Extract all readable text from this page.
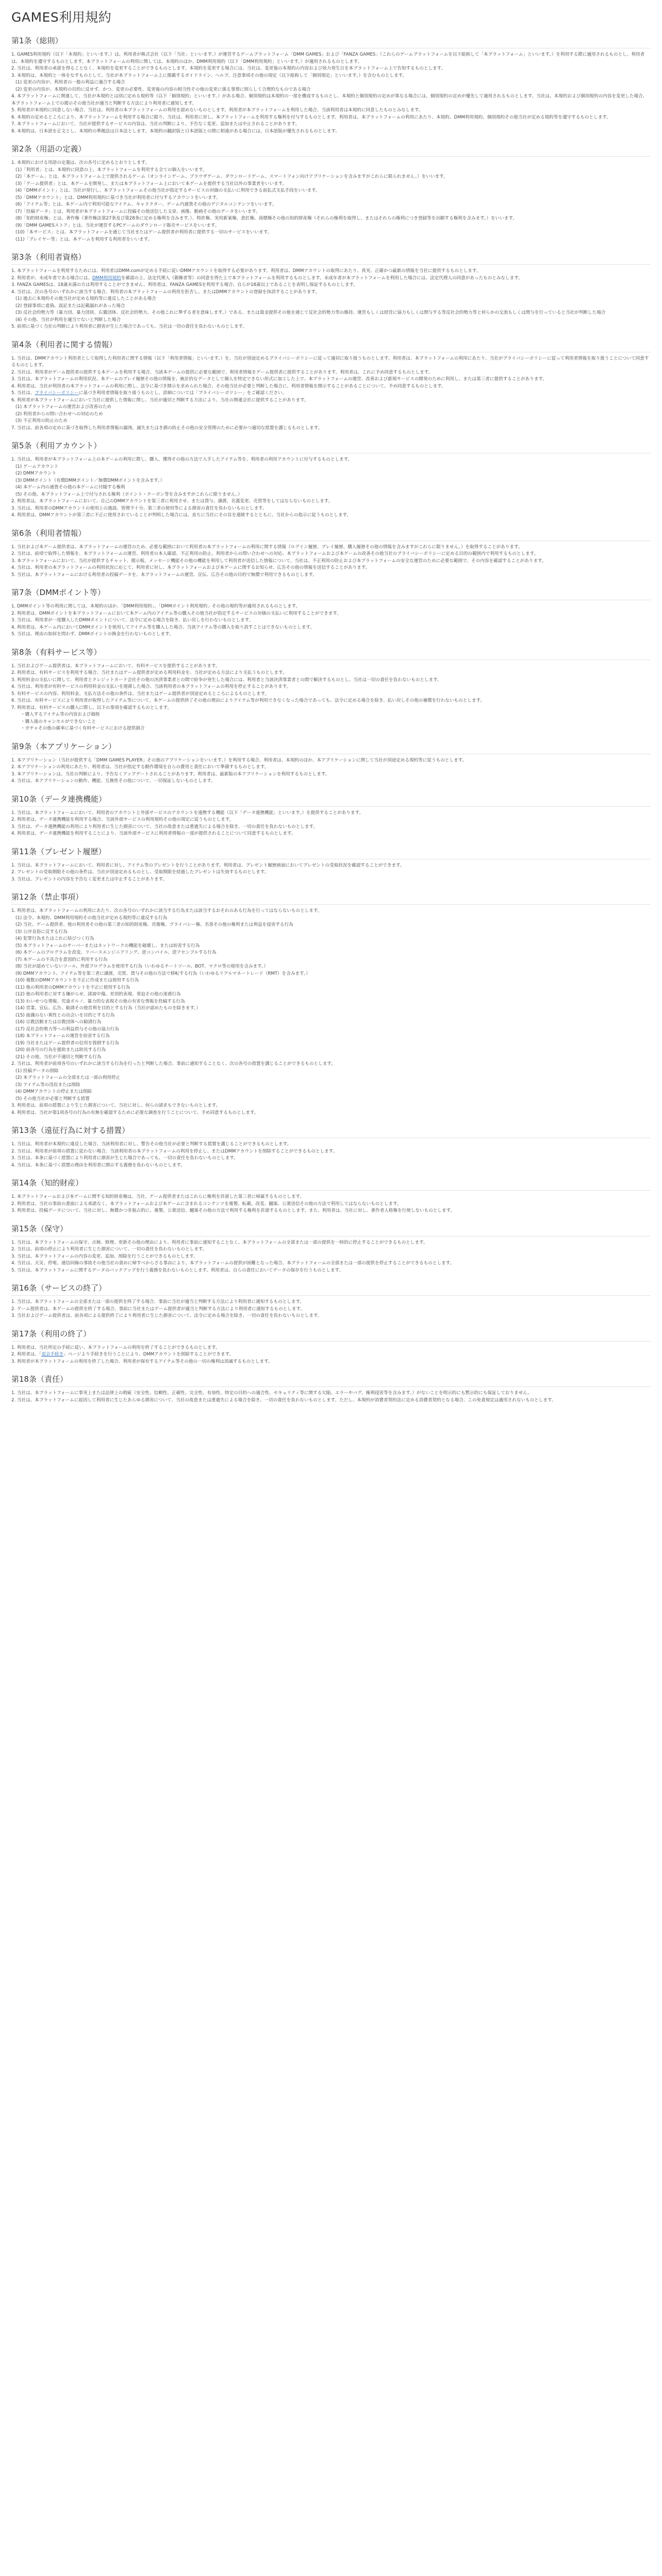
GAMES利用規約
第1条（総則）

1. GAMES利用規約（以下「本規約」といいます。）は、利用者が株式会社（以下「当社」といいます。）が運営するゲームプラットフォーム「DMM GAMES」および「FANZA GAMES」（これらのゲームプラットフォームを以下総称して「本プラットフォーム」といいます。）を利用する際に適用されるものとし、利用者は、本規約を遵守するものとします。本プラットフォームの利用に関しては、本規約のほか、DMM利用規約（以下「DMM利用規約」といいます。）が適用されるものとします。

2. 当社は、利用者の承諾を得ることなく、本規約を変更することができるものとします。本規約を変更する場合には、当社は、変更後の本規約の内容および効力発生日を本プラットフォーム上で告知するものとします。

3. 本規約は、本規約と一体をなすものとして、当社が本プラットフォーム上に掲載するガイドライン、ヘルプ、注意事項その他の規定（以下総称して「個別規定」といいます。）を含むものとします。

(1) 変更の内容が、利用者の一般の利益に適合する場合

(2) 変更の内容が、本規約の目的に反せず、かつ、変更の必要性、変更後の内容の相当性その他の変更に係る事情に照らして合理的なものである場合

4. 本プラットフォームに関連して、当社が本規約とは別に定める規約等（以下「個別規約」といいます。）がある場合、個別規約は本規約の一部を構成するものとし、本規約と個別規約の定めが異なる場合には、個別規約の定めが優先して適用されるものとします。当社は、本規約および個別規約の内容を変更した場合、本プラットフォーム上での掲示その他当社が適当と判断する方法により利用者に通知します。

5. 利用者が本規約に同意しない場合、当社は、利用者の本プラットフォームの利用を認めないものとします。利用者が本プラットフォームを利用した場合、当該利用者は本規約に同意したものとみなします。

6. 本規約の定めるところにより、本プラットフォームを利用する場合に限り、当社は、利用者に対し、本プラットフォームを利用する権利を付与するものとします。利用者は、本プラットフォームの利用にあたり、本規約、DMM利用規約、個別規約その他当社が定める規約等を遵守するものとします。

7. 本プラットフォームにおいて、当社が提供するサービスの内容は、当社の判断により、予告なく変更、追加または中止されることがあります。

8. 本規約は、日本語を正文とし、本規約の準拠法は日本法とします。本規約の翻訳版と日本語版との間に相違がある場合には、日本語版が優先されるものとします。

第2条（用語の定義）

1. 本規約における用語の定義は、次の各号に定めるとおりとします。

(1)「利用者」とは、本規約に同意の上、本プラットフォームを利用する全ての個人をいいます。

(2)「本ゲーム」とは、本プラットフォーム上で提供されるゲーム（オンラインゲーム、ブラウザゲーム、ダウンロードゲーム、スマートフォン向けアプリケーションを含みますがこれらに限られません。）をいいます。

(3)「ゲーム提供者」とは、本ゲームを開発し、または本プラットフォーム上において本ゲームを提供する当社以外の事業者をいいます。

(4)「DMMポイント」とは、当社が発行し、本プラットフォームその他当社が指定するサービスの対価の支払いに利用できる前払式支払手段をいいます。

(5)「DMMアカウント」とは、DMM利用規約に基づき当社が利用者に付与するアカウントをいいます。

(6)「アイテム等」とは、本ゲーム内で利用可能なアイテム、キャラクター、ゲーム内通貨その他のデジタルコンテンツをいいます。

(7)「投稿データ」とは、利用者が本プラットフォームに投稿その他送信した文章、画像、動画その他のデータをいいます。

(8)「知的財産権」とは、著作権（著作権法第27条及び第28条に定める権利を含みます。）、特許権、実用新案権、意匠権、商標権その他の知的財産権（それらの権利を取得し、またはそれらの権利につき登録等を出願する権利を含みます。）をいいます。

(9)「DMM GAMESストア」とは、当社が運営するPCゲームのダウンロード販売サービスをいいます。

(10)「本サービス」とは、本プラットフォームを通じて当社またはゲーム提供者が利用者に提供する一切のサービスをいいます。

(11)「プレイヤー等」とは、本ゲームを利用する利用者をいいます。

第3条（利用者資格）

1. 本プラットフォームを利用するためには、利用者はDMM.comが定める手続に従いDMMアカウントを取得する必要があります。利用者は、DMMアカウントの取得にあたり、真実、正確かつ最新の情報を当社に提供するものとします。

2. 利用者が、未成年者である場合には、DMM利用規約を確認の上、法定代理人（親権者等）の同意を得た上で本プラットフォームを利用するものとします。未成年者が本プラットフォームを利用した場合には、法定代理人の同意があったものとみなします。

3. FANZA GAMESは、18歳未満の方は利用することができません。利用者は、FANZA GAMESを利用する場合、自らが18歳以上であることを表明し保証するものとします。

4. 当社は、次の各号のいずれかに該当する場合、利用者の本プラットフォームの利用を拒否し、またはDMMアカウントの登録を抹消することがあります。

(1) 過去に本規約その他当社が定める規約等に違反したことがある場合

(2) 登録事項に虚偽、誤記または記載漏れがあった場合

(3) 反社会的勢力等（暴力団、暴力団員、右翼団体、反社会的勢力、その他これに準ずる者を意味します。）である、または資金提供その他を通じて反社会的勢力等の維持、運営もしくは経営に協力もしくは関与する等反社会的勢力等と何らかの交流もしくは関与を行っていると当社が判断した場合

(4) その他、当社が利用を適当でないと判断した場合

5. 前項に基づく当社の判断により利用者に損害が生じた場合であっても、当社は一切の責任を負わないものとします。

第4条（利用者に関する情報）

1. 当社は、DMMアカウント利用者として取得した利用者に関する情報（以下「利用者情報」といいます。）を、当社が別途定めるプライバシーポリシーに従って適切に取り扱うものとします。利用者は、本プラットフォームの利用にあたり、当社がプライバシーポリシーに従って利用者情報を取り扱うことについて同意するものとします。

2. 当社は、利用者がゲーム提供者の提供する本ゲームを利用する場合、当該本ゲームの提供に必要な範囲で、利用者情報をゲーム提供者に提供することがあります。利用者は、これに予め同意するものとします。

3. 当社は、本プラットフォームの利用状況、本ゲームのプレイ履歴その他の情報を、統計的なデータとして個人を特定できない形式に加工した上で、本プラットフォームの運営、改善および新規サービスの開発のために利用し、または第三者に提供することがあります。

4. 利用者は、当社が利用者の本プラットフォームの利用に関し、法令に基づき開示を求められた場合、その他当社が必要と判断した場合に、利用者情報を開示することがあることについて、予め同意するものとします。

5. 当社は、プライバシーポリシーに基づき利用者情報を取り扱うものとし、詳細については「プライバシーポリシー」をご確認ください。

6. 利用者が本プラットフォームにおいて当社に提供した情報に関し、当社が適切と判断する方法により、当社の関連会社に提供することがあります。

(1) 本プラットフォームの運営および改善のため

(2) 利用者からの問い合わせへの対応のため

(3) 不正利用の防止のため

7. 当社は、前各項の定めに基づき取得した利用者情報の漏洩、滅失またはき損の防止その他の安全管理のために必要かつ適切な措置を講じるものとします。

第5条（利用アカウント）

1. 当社は、利用者が本プラットフォーム上の本ゲームの利用に際し、購入、獲得その他の方法で入手したアイテム等を、利用者の利用アカウントに付与するものとします。

(1) ゲームアカウント

(2) DMMアカウント

(3) DMMポイント（有償DMMポイント／無償DMMポイントを含みます。）

(4) 本ゲーム内の通貨その他の本ゲームに付随する権利

(5) その他、本プラットフォーム上で付与される権利（ポイント・クーポン等を含みますがこれらに限りません。）

2. 利用者は、本プラットフォームにおいて、自己のDMMアカウントを第三者に利用させ、または貸与、譲渡、名義変更、売買等をしてはならないものとします。

3. 当社は、利用者のDMMアカウントの使用上の過誤、管理不十分、第三者の使用等による損害の責任を負わないものとします。

4. 利用者は、DMMアカウントが第三者に不正に使用されていることが判明した場合には、直ちに当社にその旨を連絡するとともに、当社からの指示に従うものとします。

第6条（利用者情報）

1. 当社および本ゲーム提供者は、本プラットフォームの運営のため、必要な範囲において利用者の本プラットフォームの利用に関する情報（ログイン履歴、プレイ履歴、購入履歴その他の情報を含みますがこれらに限りません。）を取得することがあります。

2. 当社は、前項で取得した情報を、本プラットフォームの運営、利用者の本人確認、不正利用の防止、利用者からの問い合わせへの対応、本プラットフォームおよび本ゲームの改善その他当社のプライバシーポリシーに定める目的の範囲内で利用するものとします。

3. 本プラットフォームにおいて、当社が提供するチャット、掲示板、メッセージ機能その他の機能を利用して利用者が送信した情報について、当社は、不正利用の防止および本プラットフォームの安全な運営のために必要な範囲で、その内容を確認することがあります。

4. 当社は、利用者の本プラットフォームの利用状況に応じて、利用者に対し、本プラットフォームおよび本ゲームに関するお知らせ、広告その他の情報を送信することがあります。

5. 当社は、本プラットフォームにおける利用者の投稿データを、本プラットフォームの運営、宣伝、広告その他の目的で無償で利用できるものとします。

第7条（DMMポイント等）

1. DMMポイント等の利用に関しては、本規約のほか、「DMM利用規約」、「DMMポイント利用規約」その他の規約等が適用されるものとします。

2. 利用者は、DMMポイントを本プラットフォームにおいて本ゲーム内のアイテム等の購入その他当社が指定するサービスの対価の支払いに利用することができます。

3. 当社は、利用者が一度購入したDMMポイントについて、法令に定める場合を除き、払い戻しを行わないものとします。

4. 利用者は、本ゲーム内においてDMMポイントを使用してアイテム等を購入した場合、当該アイテム等の購入を取り消すことはできないものとします。

5. 当社は、理由の如何を問わず、DMMポイントの換金を行わないものとします。

第8条（有料サービス等）

1. 当社およびゲーム提供者は、本プラットフォームにおいて、有料サービスを提供することがあります。

2. 利用者は、有料サービスを利用する場合、当社またはゲーム提供者が定める利用料金を、当社が定める方法により支払うものとします。

3. 利用料金の支払いに関して、利用者とクレジットカード会社その他の決済事業者との間で紛争が発生した場合には、利用者と当該決済事業者との間で解決するものとし、当社は一切の責任を負わないものとします。

4. 当社は、利用者が有料サービスの利用料金の支払いを遅滞した場合、当該利用者の本プラットフォームの利用を停止することがあります。

5. 有料サービスの内容、利用料金、支払方法その他の条件は、当社またはゲーム提供者が別途定めるところによるものとします。

6. 当社は、有料サービスにより利用者が取得したアイテム等について、本ゲームの提供終了その他の理由によりアイテム等が利用できなくなった場合であっても、法令に定める場合を除き、払い戻しその他の補償を行わないものとします。

7. 利用者は、有料サービスの購入に際し、以下の事項を確認するものとします。

・購入するアイテム等の内容および価格

・購入後のキャンセルができないこと

・ガチャその他の確率に基づく有料サービスにおける提供割合

第9条（本アプリケーション）

1. 本アプリケーション（当社が提供する「DMM GAMES PLAYER」その他のアプリケーションをいいます。）を利用する場合、利用者は、本規約のほか、本アプリケーションに関して当社が別途定める規約等に従うものとします。

2. 本アプリケーションの利用にあたり、利用者は、当社が指定する動作環境を自らの費用と責任において準備するものとします。

3. 本アプリケーションは、当社の判断により、予告なくアップデートされることがあります。利用者は、最新版の本アプリケーションを利用するものとします。

4. 当社は、本アプリケーションの動作、機能、互換性その他について、一切保証しないものとします。

第10条（データ連携機能）

1. 当社は、本プラットフォームにおいて、利用者のアカウントと外部サービスのアカウントを連携する機能（以下「データ連携機能」といいます。）を提供することがあります。

2. 利用者は、データ連携機能を利用する場合、当該外部サービスの利用規約その他の規定に従うものとします。

3. 当社は、データ連携機能の利用により利用者に生じた損害について、当社の故意または重過失による場合を除き、一切の責任を負わないものとします。

4. 利用者は、データ連携機能を利用することにより、当該外部サービスに利用者情報の一部が提供されることについて同意するものとします。

第11条（プレゼント履歴）

1. 当社は、本プラットフォームにおいて、利用者に対し、アイテム等のプレゼントを行うことがあります。利用者は、プレゼント履歴画面においてプレゼントの受取状況を確認することができます。

2. プレゼントの受取期限その他の条件は、当社が別途定めるものとし、受取期限を経過したプレゼントは失効するものとします。

3. 当社は、プレゼントの内容を予告なく変更または中止することがあります。

第12条（禁止事項）

1. 利用者は、本プラットフォームの利用にあたり、次の各号のいずれかに該当する行為または該当するおそれのある行為を行ってはならないものとします。

(1) 法令、本規約、DMM利用規約その他当社が定める規約等に違反する行為

(2) 当社、ゲーム提供者、他の利用者その他の第三者の知的財産権、肖像権、プライバシー権、名誉その他の権利または利益を侵害する行為

(3) 公序良俗に反する行為

(4) 犯罪行為またはこれに結びつく行為

(5) 本プラットフォームのサーバーまたはネットワークの機能を破壊し、または妨害する行為

(6) 本ゲームのプログラムを改変、リバースエンジニアリング、逆コンパイル、逆アセンブルする行為

(7) 本ゲームの不具合を意図的に利用する行為

(8) 当社が認めていないツール、外部プログラムを使用する行為（いわゆるチートツール、BOT、マクロ等の使用を含みます。）

(9) DMMアカウント、アイテム等を第三者に譲渡、売買、貸与その他の方法で移転する行為（いわゆるリアルマネートレード（RMT）を含みます。）

(10) 複数のDMMアカウントを不正に作成または使用する行為

(11) 他の利用者のDMMアカウントを不正に使用する行為

(12) 他の利用者に対する嫌がらせ、誹謗中傷、差別的表現、脅迫その他の迷惑行為

(13) わいせつな情報、児童ポルノ、暴力的な表現その他の有害な情報を投稿する行為

(14) 営業、宣伝、広告、勧誘その他営利を目的とする行為（当社が認めたものを除きます。）

(15) 面識のない異性との出会いを目的とする行為

(16) 宗教活動または宗教団体への勧誘行為

(17) 反社会的勢力等への利益供与その他の協力行為

(18) 本プラットフォームの運営を妨害する行為

(19) 当社またはゲーム提供者の信用を毀損する行為

(20) 前各号の行為を援助または助長する行為

(21) その他、当社が不適切と判断する行為

2. 当社は、利用者が前項各号のいずれかに該当する行為を行ったと判断した場合、事前に通知することなく、次の各号の措置を講じることができるものとします。

(1) 投稿データの削除

(2) 本プラットフォームの全部または一部の利用停止

(3) アイテム等の没収または削除

(4) DMMアカウントの停止または削除

(5) その他当社が必要と判断する措置

3. 利用者は、前項の措置により生じた損害について、当社に対し、何らの請求もできないものとします。

4. 利用者は、当社が第1項各号の行為の有無を確認するために必要な調査を行うことについて、予め同意するものとします。

第13条（遠征行為に対する措置）

1. 当社は、利用者が本規約に違反した場合、当該利用者に対し、警告その他当社が必要と判断する措置を講じることができるものとします。

2. 当社は、利用者が前項の措置に従わない場合、当該利用者の本プラットフォームの利用を停止し、またはDMMアカウントを削除することができるものとします。

3. 当社は、本条に基づく措置により利用者に損害が生じた場合であっても、一切の責任を負わないものとします。

4. 当社は、本条に基づく措置の理由を利用者に開示する義務を負わないものとします。

第14条（知的財産）

1. 本プラットフォームおよび本ゲームに関する知的財産権は、当社、ゲーム提供者またはこれらに権利を許諾した第三者に帰属するものとします。

2. 利用者は、当社の事前の書面による承諾なく、本プラットフォームおよび本ゲームに含まれるコンテンツを複製、転載、改変、翻案、公衆送信その他の方法で利用してはならないものとします。

3. 利用者は、投稿データについて、当社に対し、無償かつ非独占的に、複製、公衆送信、翻案その他の方法で利用する権利を許諾するものとします。また、利用者は、当社に対し、著作者人格権を行使しないものとします。

第15条（保守）

1. 当社は、本プラットフォームの保守、点検、修理、更新その他の理由により、利用者に事前に通知することなく、本プラットフォームの全部または一部の提供を一時的に停止することができるものとします。

2. 当社は、前項の停止により利用者に生じた損害について、一切の責任を負わないものとします。

3. 当社は、本プラットフォームの内容の変更、追加、削除を行うことができるものとします。

4. 当社は、天災、停電、通信回線の事故その他当社の責めに帰すべからざる事由により、本プラットフォームの提供が困難となった場合、本プラットフォームの全部または一部の提供を停止することができるものとします。

5. 当社は、本プラットフォームに関するデータのバックアップを行う義務を負わないものとします。利用者は、自らの責任においてデータの保存を行うものとします。

第16条（サービスの終了）

1. 当社は、本プラットフォームの全部または一部の提供を終了する場合、事前に当社が適当と判断する方法により利用者に通知するものとします。

2. ゲーム提供者は、本ゲームの提供を終了する場合、事前に当社またはゲーム提供者が適当と判断する方法により利用者に通知するものとします。

3. 当社およびゲーム提供者は、前各項による提供終了により利用者に生じた損害について、法令に定める場合を除き、一切の責任を負わないものとします。

第17条（利用の終了）

1. 利用者は、当社所定の手続に従い、本プラットフォームの利用を終了することができるものとします。

2. 利用者は、「退会手続き」ページより手続きを行うことにより、DMMアカウントを削除することができます。

3. 利用者が本プラットフォームの利用を終了した場合、利用者が保有するアイテム等その他の一切の権利は消滅するものとします。

第18条（責任）

1. 当社は、本プラットフォームに事実上または法律上の瑕疵（安全性、信頼性、正確性、完全性、有効性、特定の目的への適合性、セキュリティ等に関する欠陥、エラーやバグ、権利侵害等を含みます。）がないことを明示的にも黙示的にも保証しておりません。

2. 当社は、本プラットフォームに起因して利用者に生じたあらゆる損害について、当社の故意または重過失による場合を除き、一切の責任を負わないものとします。ただし、本規約が消費者契約法に定める消費者契約となる場合、この免責規定は適用されないものとします。
